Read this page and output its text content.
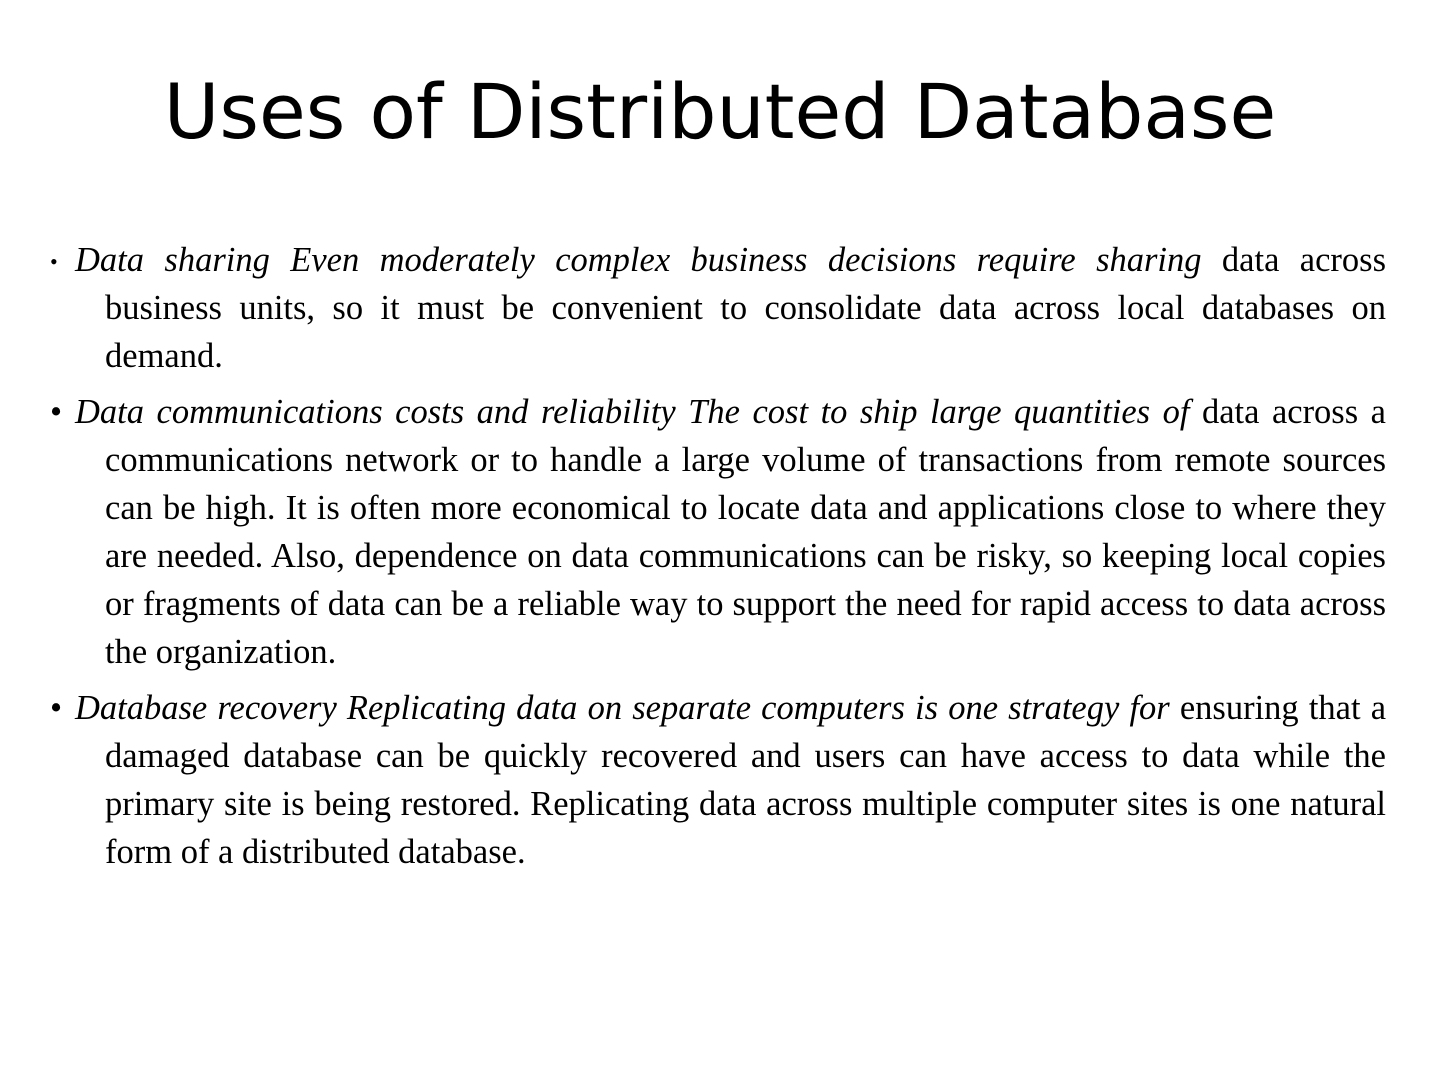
Uses of Distributed Database

• Data sharing Even moderately complex business decisions require sharing data across business units, so it must be convenient to consolidate data across local databases on demand.

• Data communications costs and reliability The cost to ship large quantities of data across a communications network or to handle a large volume of transactions from remote sources can be high. It is often more economical to locate data and applications close to where they are needed. Also, dependence on data communications can be risky, so keeping local copies or fragments of data can be a reliable way to support the need for rapid access to data across the organization.

• Database recovery Replicating data on separate computers is one strategy for ensuring that a damaged database can be quickly recovered and users can have access to data while the primary site is being restored. Replicating data across multiple computer sites is one natural form of a distributed database.
